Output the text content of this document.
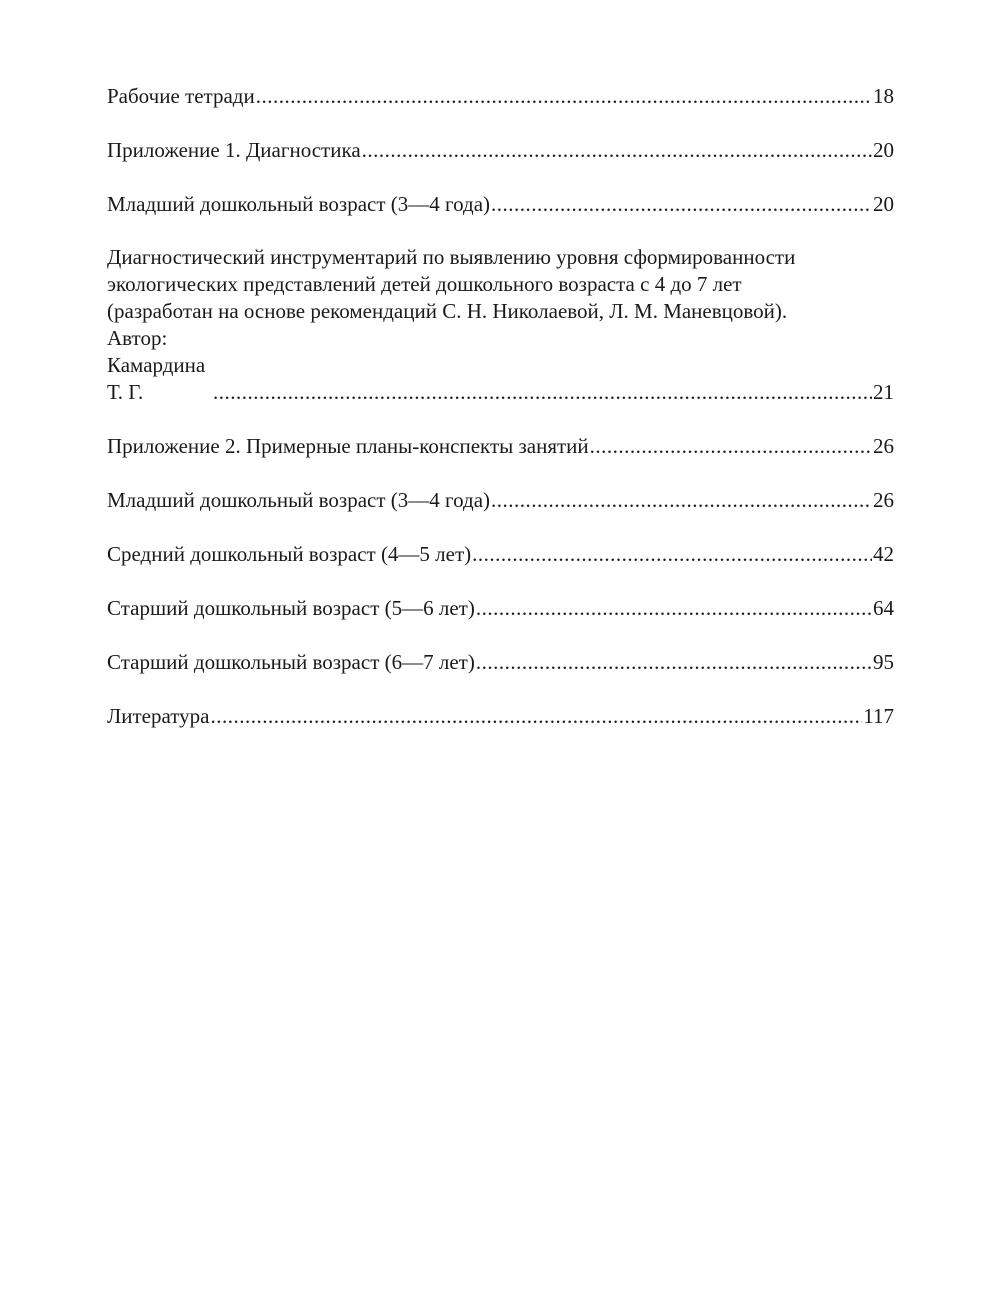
Рабочие тетради .....	18
Приложение 1. Диагностика .....	20
Младший дошкольный возраст (3—4 года) .....	20
Диагностический инструментарий по выявлению уровня сформированности
экологических представлений детей дошкольного возраста с 4 до 7 лет
(разработан на основе рекомендаций С. Н. Николаевой, Л. М. Маневцовой).
Автор: Камардина Т. Г. .....	21
Приложение 2. Примерные планы-конспекты занятий .....	26
Младший дошкольный возраст (3—4 года) .....	26
Средний дошкольный возраст (4—5 лет) .....	42
Старший дошкольный возраст (5—6 лет) .....	64
Старший дошкольный возраст (6—7 лет) .....	95
Литература .....	117
